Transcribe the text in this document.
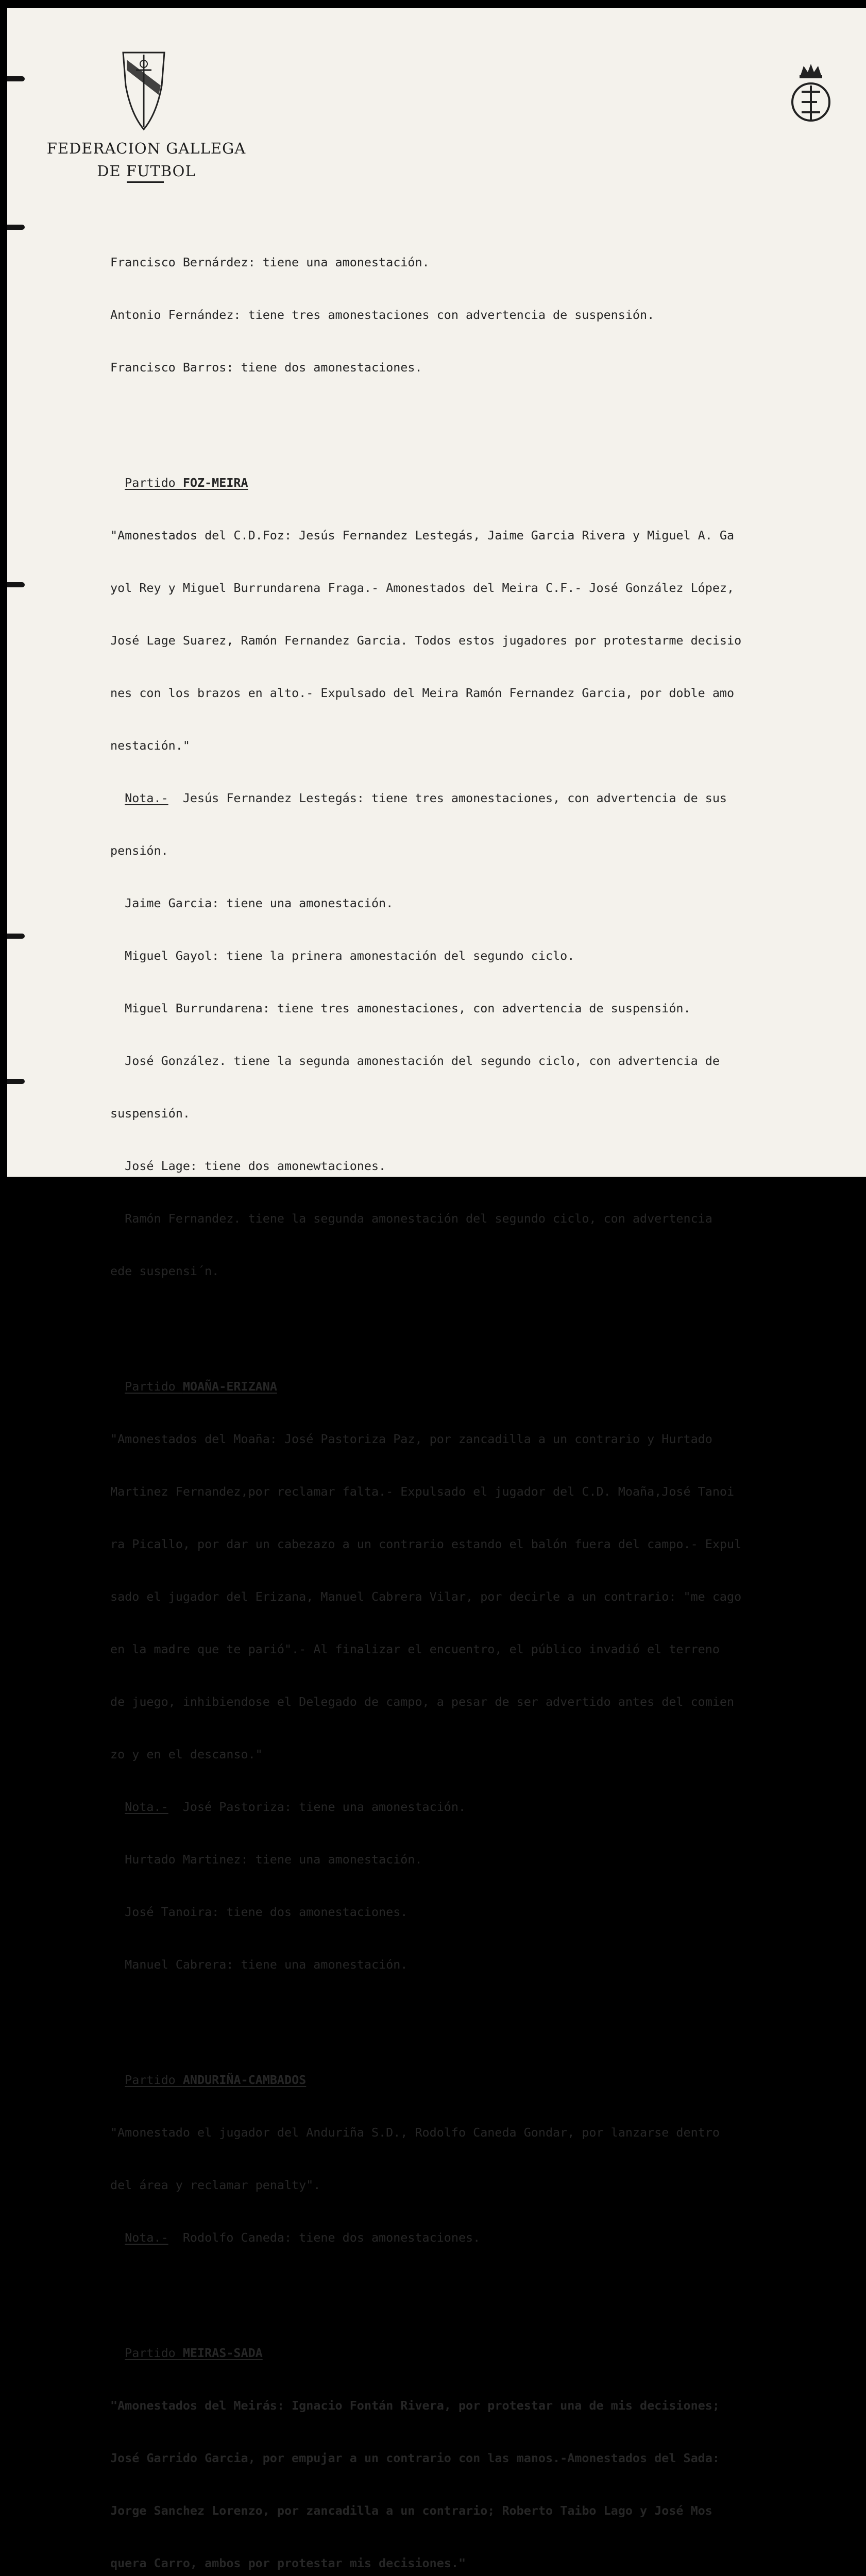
FEDERACION GALLEGA
DE FUTBOL

Francisco Bernárdez: tiene una amonestación.

Antonio Fernández: tiene tres amonestaciones con advertencia de suspensión.

Francisco Barros: tiene dos amonestaciones.

Partido FOZ-MEIRA

"Amonestados del C.D.Foz: Jesús Fernandez Lestegás, Jaime Garcia Rivera y Miguel A. Ga

yol Rey y Miguel Burrundarena Fraga.- Amonestados del Meira C.F.- José González López,

José Lage Suarez, Ramón Fernandez Garcia. Todos estos jugadores por protestarme decisio

nes con los brazos en alto.- Expulsado del Meira Ramón Fernandez Garcia, por doble amo

nestación."

Nota.-  Jesús Fernandez Lestegás: tiene tres amonestaciones, con advertencia de sus

pensión.

Jaime Garcia: tiene una amonestación.

Miguel Gayol: tiene la prinera amonestación del segundo ciclo.

Miguel Burrundarena: tiene tres amonestaciones, con advertencia de suspensión.

José González. tiene la segunda amonestación del segundo ciclo, con advertencia de

suspensión.

José Lage: tiene dos amonewtaciones.

Ramón Fernandez. tiene la segunda amonestación del segundo ciclo, con advertencia

ede suspensi´n.

Partido MOAÑA-ERIZANA

"Amonestados del Moaña: José Pastoriza Paz, por zancadilla a un contrario y Hurtado

Martinez Fernandez,por reclamar falta.- Expulsado el jugador del C.D. Moaña,José Tanoi

ra Picallo, por dar un cabezazo a un contrario estando el balón fuera del campo.- Expul

sado el jugador del Erizana, Manuel Cabrera Vilar, por decirle a un contrario: "me cago

en la madre que te parió".- Al finalizar el encuentro, el público invadió el terreno

de juego, inhibiendose el Delegado de campo, a pesar de ser advertido antes del comien

zo y en el descanso."

Nota.-  José Pastoriza: tiene una amonestación.

Hurtado Martinez: tiene una amonestación.

José Tanoira: tiene dos amonestaciones.

Manuel Cabrera: tiene una amonestación.

Partido ANDURIÑA-CAMBADOS

"Amonestado el jugador del Anduriña S.D., Rodolfo Caneda Gondar, por lanzarse dentro

del área y reclamar penalty".

Nota.-  Rodolfo Caneda: tiene dos amonestaciones.

Partido MEIRAS-SADA

"Amonestados del Meirás: Ignacio Fontán Rivera, por protestar una de mis decisiones;

José Garrido Garcia, por empujar a un contrario con las manos.-Amonestados del Sada:

Jorge Sanchez Lorenzo, por zancadilla a un contrario; Roberto Taibo Lago y José Mos

quera Carro, ambos por protestar mis decisiones."
